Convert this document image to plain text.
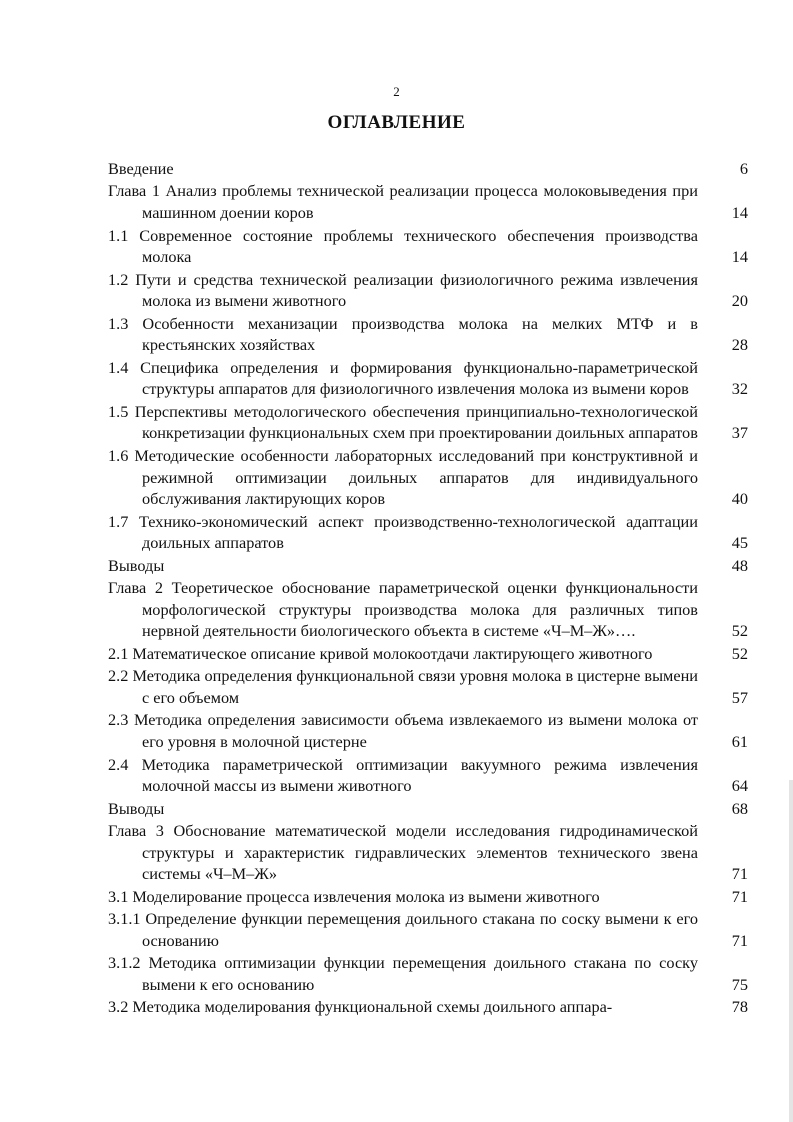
2
ОГЛАВЛЕНИЕ
Введение	6
Глава 1 Анализ проблемы технической реализации процесса молоковыведения при машинном доении коров	14
1.1 Современное состояние проблемы технического обеспечения производства молока	14
1.2 Пути и средства технической реализации физиологичного режима извлечения молока из вымени животного	20
1.3 Особенности механизации производства молока на мелких МТФ и в крестьянских хозяйствах	28
1.4 Специфика определения и формирования функционально-параметрической структуры аппаратов для физиологичного извлечения молока из вымени коров	32
1.5 Перспективы методологического обеспечения принципиально-технологической конкретизации функциональных схем при проектировании доильных аппаратов	37
1.6 Методические особенности лабораторных исследований при конструктивной и режимной оптимизации доильных аппаратов для индивидуального обслуживания лактирующих коров	40
1.7 Технико-экономический аспект производственно-технологической адаптации доильных аппаратов	45
Выводы	48
Глава 2 Теоретическое обоснование параметрической оценки функциональности морфологической структуры производства молока для различных типов нервной деятельности биологического объекта в системе «Ч–М–Ж»….	52
2.1 Математическое описание кривой молокоотдачи лактирующего животного	52
2.2 Методика определения функциональной связи уровня молока в цистерне вымени с его объемом	57
2.3 Методика определения зависимости объема извлекаемого из вымени молока от его уровня в молочной цистерне	61
2.4 Методика параметрической оптимизации вакуумного режима извлечения молочной массы из вымени животного	64
Выводы	68
Глава 3 Обоснование математической модели исследования гидродинамической структуры и характеристик гидравлических элементов технического звена системы «Ч–М–Ж»	71
3.1 Моделирование процесса извлечения молока из вымени животного	71
3.1.1 Определение функции перемещения доильного стакана по соску вымени к его основанию	71
3.1.2 Методика оптимизации функции перемещения доильного стакана по соску вымени к его основанию	75
3.2 Методика моделирования функциональной схемы доильного аппара-	78
